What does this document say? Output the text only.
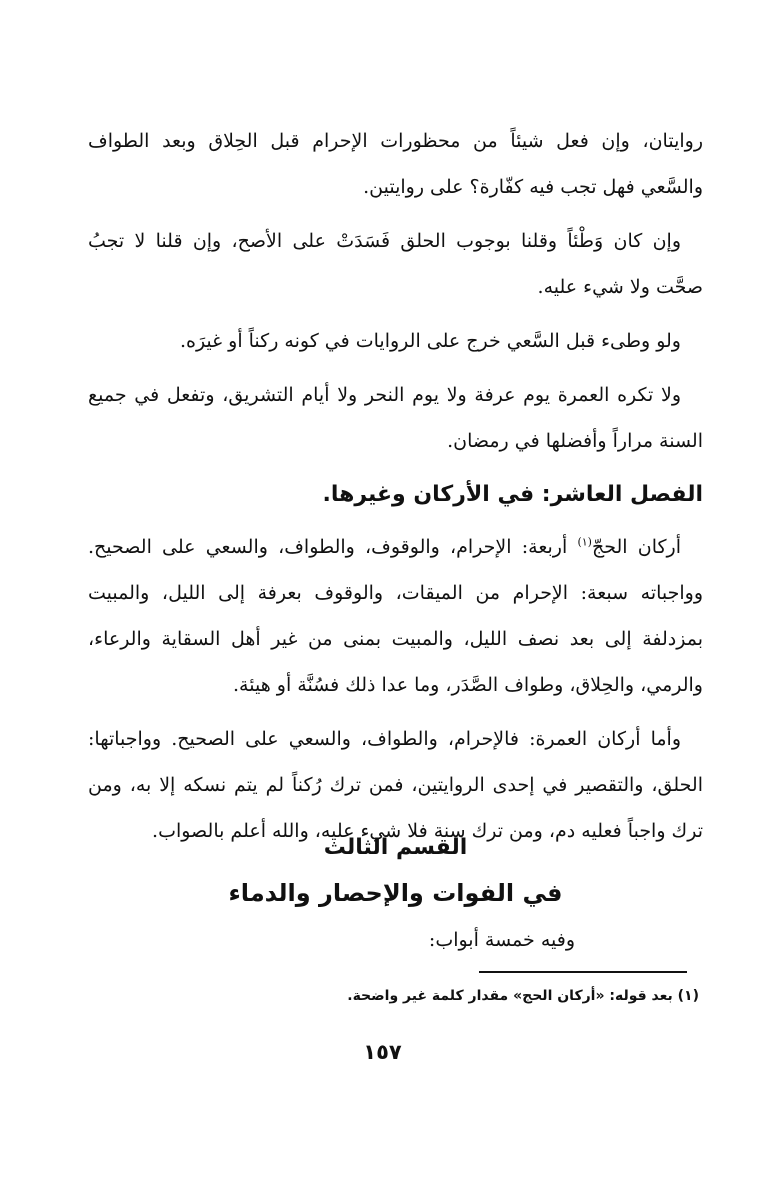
روايتان، وإن فعل شيئاً من محظورات الإحرام قبل الحِلاق وبعد الطواف والسَّعي فهل تجب فيه كفّارة؟ على روايتين.

وإن كان وَطْئاً وقلنا بوجوب الحلق فَسَدَتْ على الأصح، وإن قلنا لا تجبُ صحَّت ولا شيء عليه.

ولو وطىء قبل السَّعي خرج على الروايات في كونه ركناً أو غيرَه.

ولا تكره العمرة يوم عرفة ولا يوم النحر ولا أيام التشريق، وتفعل في جميع السنة مراراً وأفضلها في رمضان.

الفصل العاشر: في الأركان وغيرها.

أركان الحجّ$^{(١)}$ أربعة: الإحرام، والوقوف، والطواف، والسعي على الصحيح. وواجباته سبعة: الإحرام من الميقات، والوقوف بعرفة إلى الليل، والمبيت بمزدلفة إلى بعد نصف الليل، والمبيت بمنى من غير أهل السقاية والرعاء، والرمي، والحِلاق، وطواف الصَّدَر، وما عدا ذلك فسُنَّة أو هيئة.

وأما أركان العمرة: فالإحرام، والطواف، والسعي على الصحيح. وواجباتها: الحلق، والتقصير في إحدى الروايتين، فمن ترك رُكناً لم يتم نسكه إلا به، ومن ترك واجباً فعليه دم، ومن ترك سنة فلا شيء عليه، والله أعلم بالصواب.

القسم الثالث
في الفوات والإحصار والدماء
وفيه خمسة أبواب:
(١) بعد قوله: «أركان الحج» مقدار كلمة غير واضحة.
١٥٧
